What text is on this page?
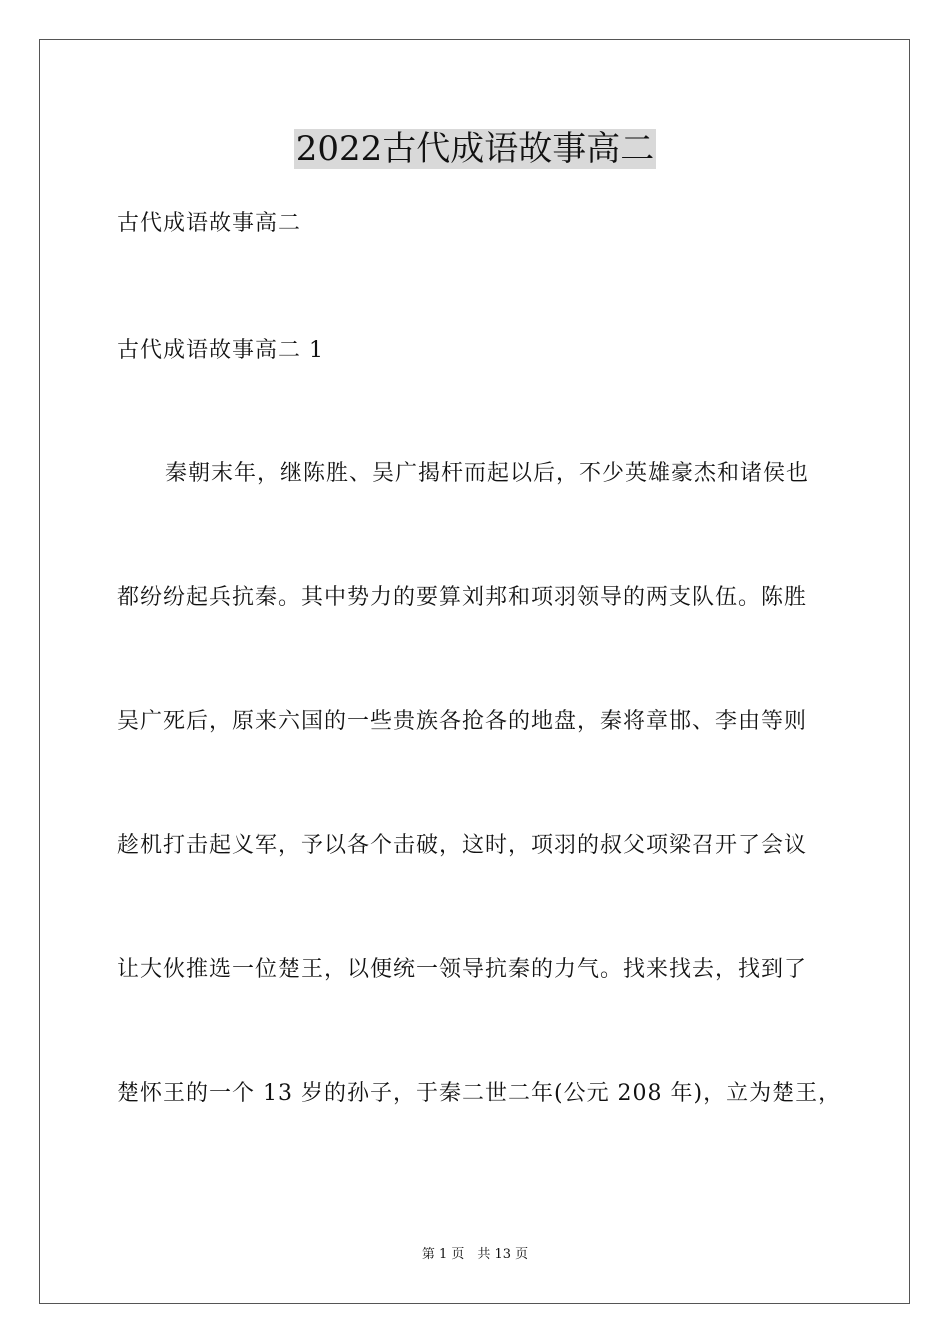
2022古代成语故事高二
古代成语故事高二
古代成语故事高二 1
秦朝末年，继陈胜、吴广揭杆而起以后，不少英雄豪杰和诸侯也
都纷纷起兵抗秦。其中势力的要算刘邦和项羽领导的两支队伍。陈胜
吴广死后，原来六国的一些贵族各抢各的地盘，秦将章邯、李由等则
趁机打击起义军，予以各个击破，这时，项羽的叔父项梁召开了会议
让大伙推选一位楚王，以便统一领导抗秦的力气。找来找去，找到了
楚怀王的一个 13 岁的孙子，于秦二世二年(公元 208 年)，立为楚王，
第 1 页　共 13 页
